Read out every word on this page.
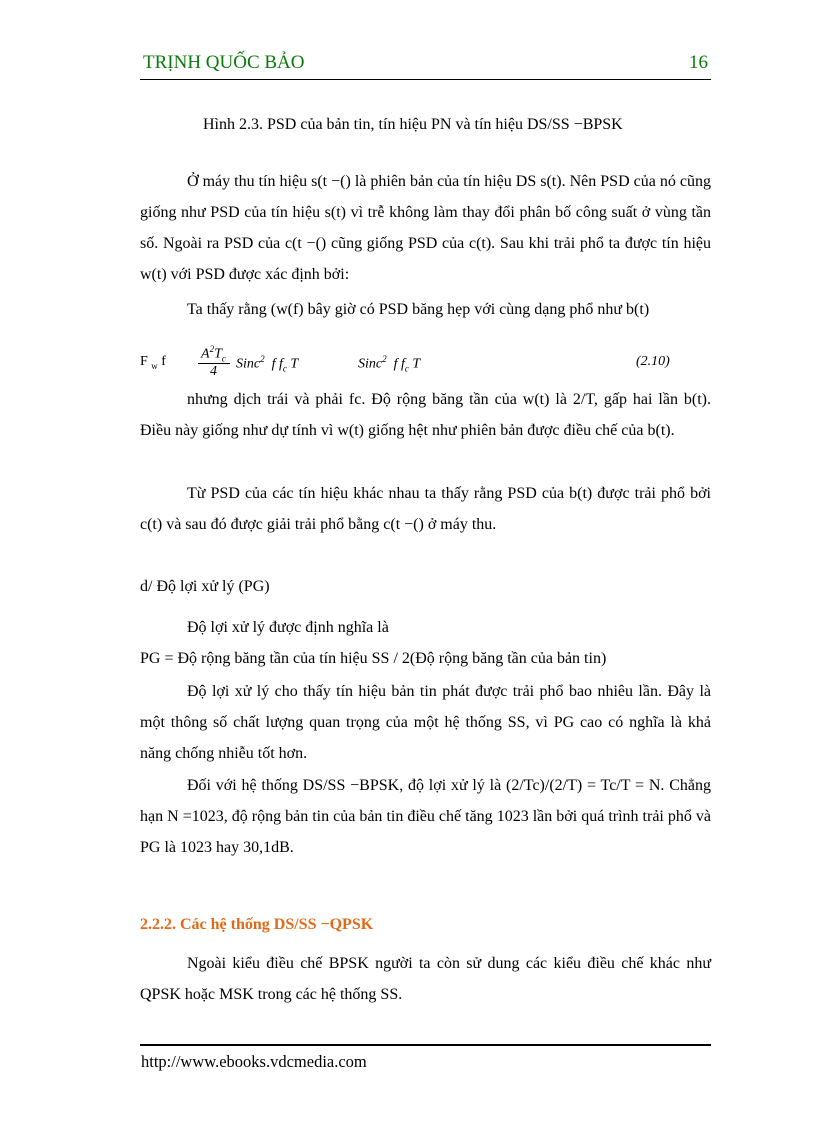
TRỊNH QUỐC BẢO	16
Hình 2.3. PSD của bản tin, tín hiệu PN và tín hiệu DS/SS −BPSK

Ở máy thu tín hiệu s(t −() là phiên bản của tín hiệu DS s(t). Nên PSD của nó cũng giống như PSD của tín hiệu s(t) vì trễ không làm thay đổi phân bố công suất ở vùng tần số. Ngoài ra PSD của c(t −() cũng giống PSD của c(t). Sau khi trải phổ ta được tín hiệu w(t) với PSD được xác định bởi:

Ta thấy rằng (w(f) bây giờ có PSD băng hẹp với cùng dạng phổ như b(t)

F $_w$ f	$A^2T_c$
4 Sinc$^2$ f $f_c$ T	Sinc$^2$ f $f_c$ T	(2.10)

nhưng dịch trái và phải fc. Độ rộng băng tần của w(t) là 2/T, gấp hai lần b(t). Điều này giống như dự tính vì w(t) giống hệt như phiên bản được điều chế của b(t).

Từ PSD của các tín hiệu khác nhau ta thấy rằng PSD của b(t) được trải phổ bởi c(t) và sau đó được giải trải phổ bằng c(t −() ở máy thu.

d/ Độ lợi xử lý (PG)
Độ lợi xử lý được định nghĩa là
PG = Độ rộng băng tần của tín hiệu SS / 2(Độ rộng băng tần của bản tin)

Độ lợi xử lý cho thấy tín hiệu bản tin phát được trải phổ bao nhiêu lần. Đây là một thông số chất lượng quan trọng của một hệ thống SS, vì PG cao có nghĩa là khả năng chống nhiễu tốt hơn.

Đối với hệ thống DS/SS −BPSK, độ lợi xử lý là (2/Tc)/(2/T) = Tc/T = N. Chẳng hạn N =1023, độ rộng bản tin của bản tin điều chế tăng 1023 lần bởi quá trình trải phổ và PG là 1023 hay 30,1dB.

2.2.2. Các hệ thống DS/SS −QPSK

Ngoài kiểu điều chế BPSK người ta còn sử dung các kiểu điều chế khác như QPSK hoặc MSK trong các hệ thống SS.

http://www.ebooks.vdcmedia.com
